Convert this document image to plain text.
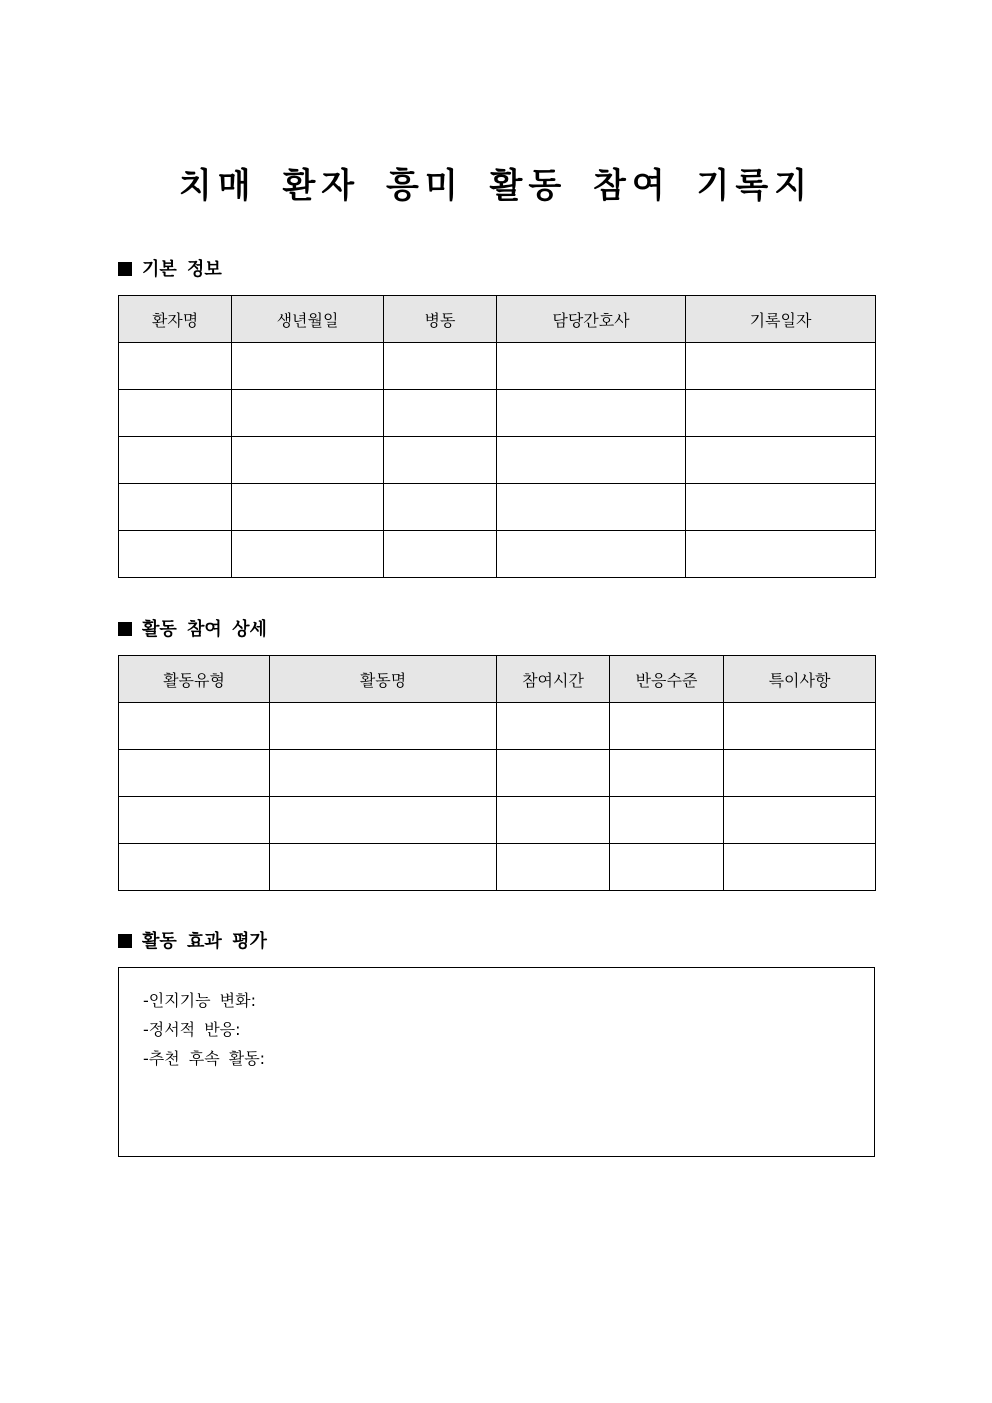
치매 환자 흥미 활동 참여 기록지
기본 정보
환자명	생년월일	병동	담당간호사	기록일자

활동 참여 상세
활동유형	활동명	참여시간	반응수준	특이사항

활동 효과 평가
-인지기능 변화:
-정서적 반응:
-추천 후속 활동:
